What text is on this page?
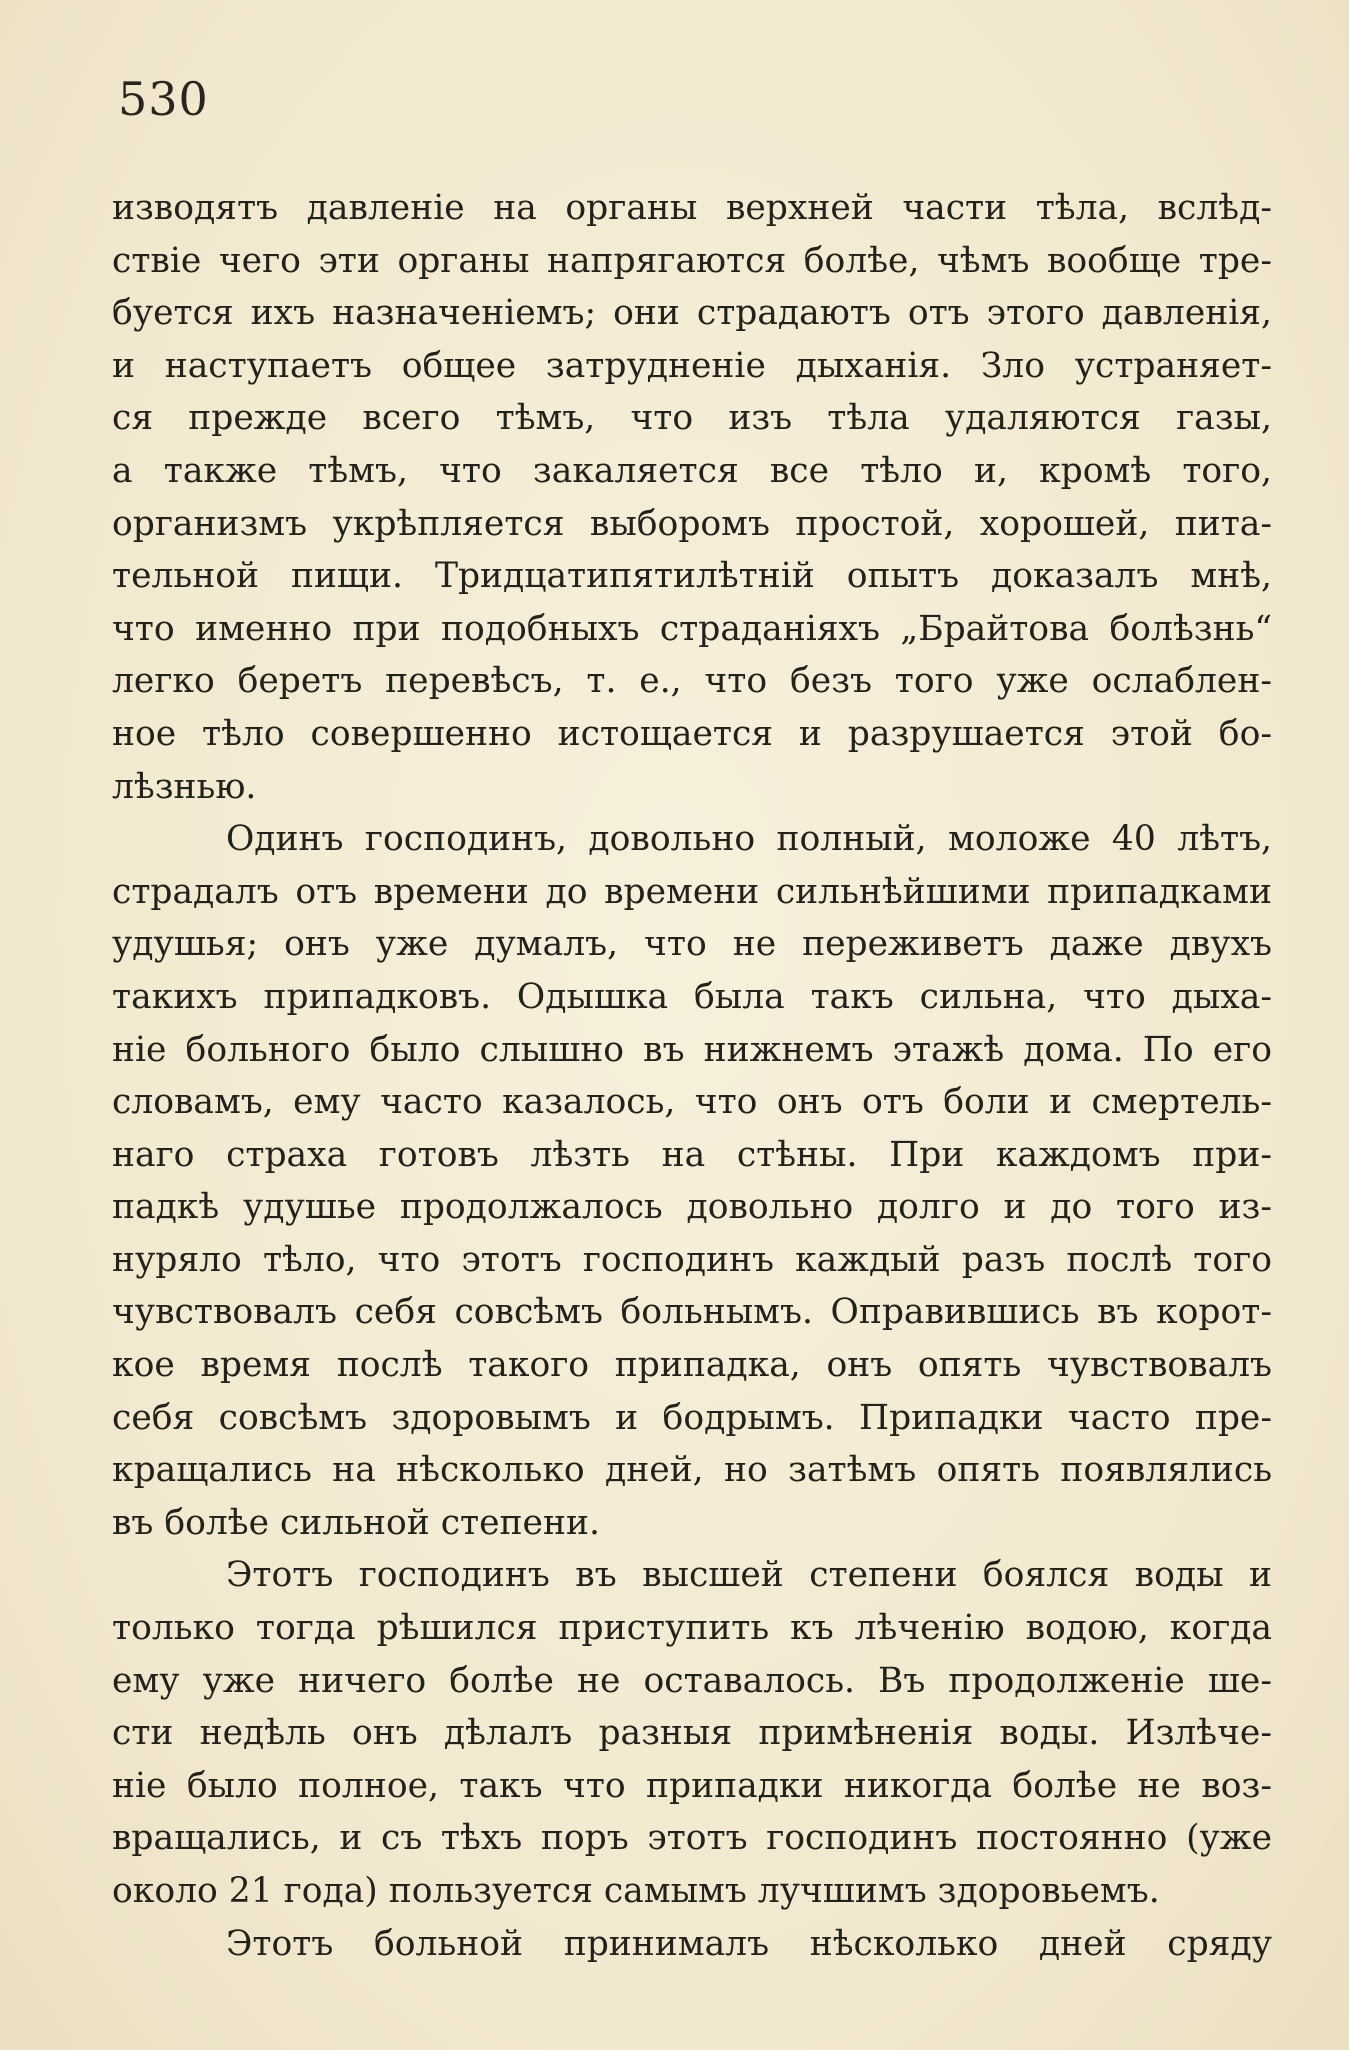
530
изводятъ давленіе на органы верхней части тѣла, вслѣд-
ствіе чего эти органы напрягаются болѣе, чѣмъ вообще тре-
буется ихъ назначеніемъ; они страдаютъ отъ этого давленія,
и наступаетъ общее затрудненіе дыханія. Зло устраняет-
ся прежде всего тѣмъ, что изъ тѣла удаляются газы,
а также тѣмъ, что закаляется все тѣло и, кромѣ того,
организмъ укрѣпляется выборомъ простой, хорошей, пита-
тельной пищи. Тридцатипятилѣтній опытъ доказалъ мнѣ,
что именно при подобныхъ страданіяхъ „Брайтова болѣзнь“
легко беретъ перевѣсъ, т. е., что безъ того уже ослаблен-
ное тѣло совершенно истощается и разрушается этой бо-
лѣзнью.
Одинъ господинъ, довольно полный, моложе 40 лѣтъ,
страдалъ отъ времени до времени сильнѣйшими припадками
удушья; онъ уже думалъ, что не переживетъ даже двухъ
такихъ припадковъ. Одышка была такъ сильна, что дыха-
ніе больного было слышно въ нижнемъ этажѣ дома. По его
словамъ, ему часто казалось, что онъ отъ боли и смертель-
наго страха готовъ лѣзть на стѣны. При каждомъ при-
падкѣ удушье продолжалось довольно долго и до того из-
нуряло тѣло, что этотъ господинъ каждый разъ послѣ того
чувствовалъ себя совсѣмъ больнымъ. Оправившись въ корот-
кое время послѣ такого припадка, онъ опять чувствовалъ
себя совсѣмъ здоровымъ и бодрымъ. Припадки часто пре-
кращались на нѣсколько дней, но затѣмъ опять появлялись
въ болѣе сильной степени.
Этотъ господинъ въ высшей степени боялся воды и
только тогда рѣшился приступить къ лѣченію водою, когда
ему уже ничего болѣе не оставалось. Въ продолженіе ше-
сти недѣль онъ дѣлалъ разныя примѣненія воды. Излѣче-
ніе было полное, такъ что припадки никогда болѣе не воз-
вращались, и съ тѣхъ поръ этотъ господинъ постоянно (уже
около 21 года) пользуется самымъ лучшимъ здоровьемъ.
Этотъ больной принималъ нѣсколько дней сряду
